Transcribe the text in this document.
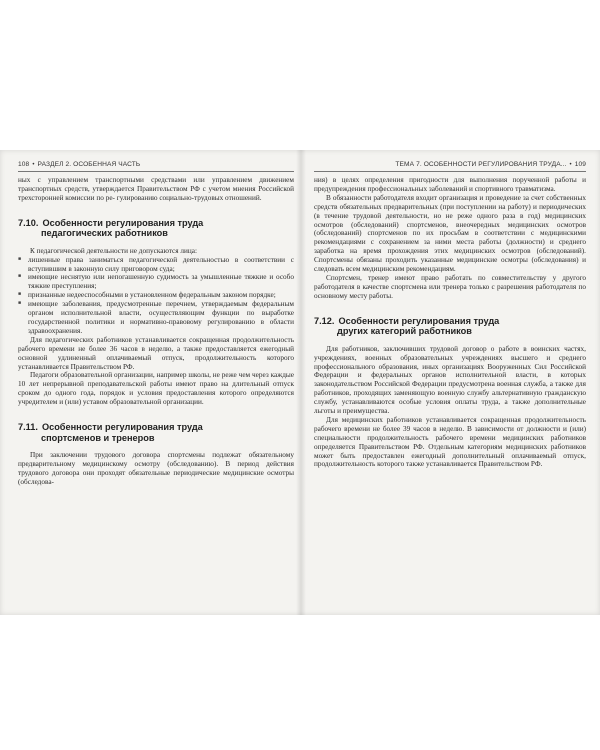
108 • РАЗДЕЛ 2. ОСОБЕННАЯ ЧАСТЬ

ных с управлением транспортными средствами или управлением движением транспортных средств, утверждается Правительством РФ с учетом мнения Российской трехсторонней комиссии по ре- гулированию социально-трудовых отношений.

7.10. Особенности регулирования труда
педагогических работников

К педагогической деятельности не допускаются лица:

■ лишенные права заниматься педагогической деятельностью в соответствии с вступившим в законную силу приговором суда;
■ имеющие неснятую или непогашенную судимость за умышленные тяжкие и особо тяжкие преступления;
■ признанные недееспособными в установленном федеральным законом порядке;
■ имеющие заболевания, предусмотренные перечнем, утверждаемым федеральным органом исполнительной власти, осуществляющим функции по выработке государственной политики и нормативно-правовому регулированию в области здравоохранения.

Для педагогических работников устанавливается сокращенная продолжительность рабочего времени не более 36 часов в неделю, а также предоставляется ежегодный основной удлиненный оплачиваемый отпуск, продолжительность которого устанавливается Правительством РФ.

Педагоги образовательной организации, например школы, не реже чем через каждые 10 лет непрерывной преподавательской работы имеют право на длительный отпуск сроком до одного года, порядок и условия предоставления которого определяются учредителем и (или) уставом образовательной организации.

7.11. Особенности регулирования труда
спортсменов и тренеров

При заключении трудового договора спортсмены подлежат обязательному предварительному медицинскому осмотру (обследованию). В период действия трудового договора они проходят обязательные периодические медицинские осмотры (обследова-

ТЕМА 7. ОСОБЕННОСТИ РЕГУЛИРОВАНИЯ ТРУДА... • 109

ния) в целях определения пригодности для выполнения порученной работы и предупреждения профессиональных заболеваний и спортивного травматизма.

В обязанности работодателя входит организация и проведение за счет собственных средств обязательных предварительных (при поступлении на работу) и периодических (в течение трудовой деятельности, но не реже одного раза в год) медицинских осмотров (обследований) спортсменов, внеочередных медицинских осмотров (обследований) спортсменов по их просьбам в соответствии с медицинскими рекомендациями с сохранением за ними места работы (должности) и среднего заработка на время прохождения этих медицинских осмотров (обследований). Спортсмены обязаны проходить указанные медицинские осмотры (обследования) и следовать всем медицинским рекомендациям.

Спортсмен, тренер имеют право работать по совместительству у другого работодателя в качестве спортсмена или тренера только с разрешения работодателя по основному месту работы.

7.12. Особенности регулирования труда
других категорий работников

Для работников, заключивших трудовой договор о работе в воинских частях, учреждениях, военных образовательных учреждениях высшего и среднего профессионального образования, иных организациях Вооруженных Сил Российской Федерации и федеральных органов исполнительной власти, в которых законодательством Российской Федерации предусмотрена военная служба, а также для работников, проходящих заменяющую военную службу альтернативную гражданскую службу, устанавливаются особые условия оплаты труда, а также дополнительные льготы и преимущества.

Для медицинских работников устанавливается сокращенная продолжительность рабочего времени не более 39 часов в неделю. В зависимости от должности и (или) специальности продолжительность рабочего времени медицинских работников определяется Правительством РФ. Отдельным категориям медицинских работников может быть предоставлен ежегодный дополнительный оплачиваемый отпуск, продолжительность которого также устанавливается Правительством РФ.
